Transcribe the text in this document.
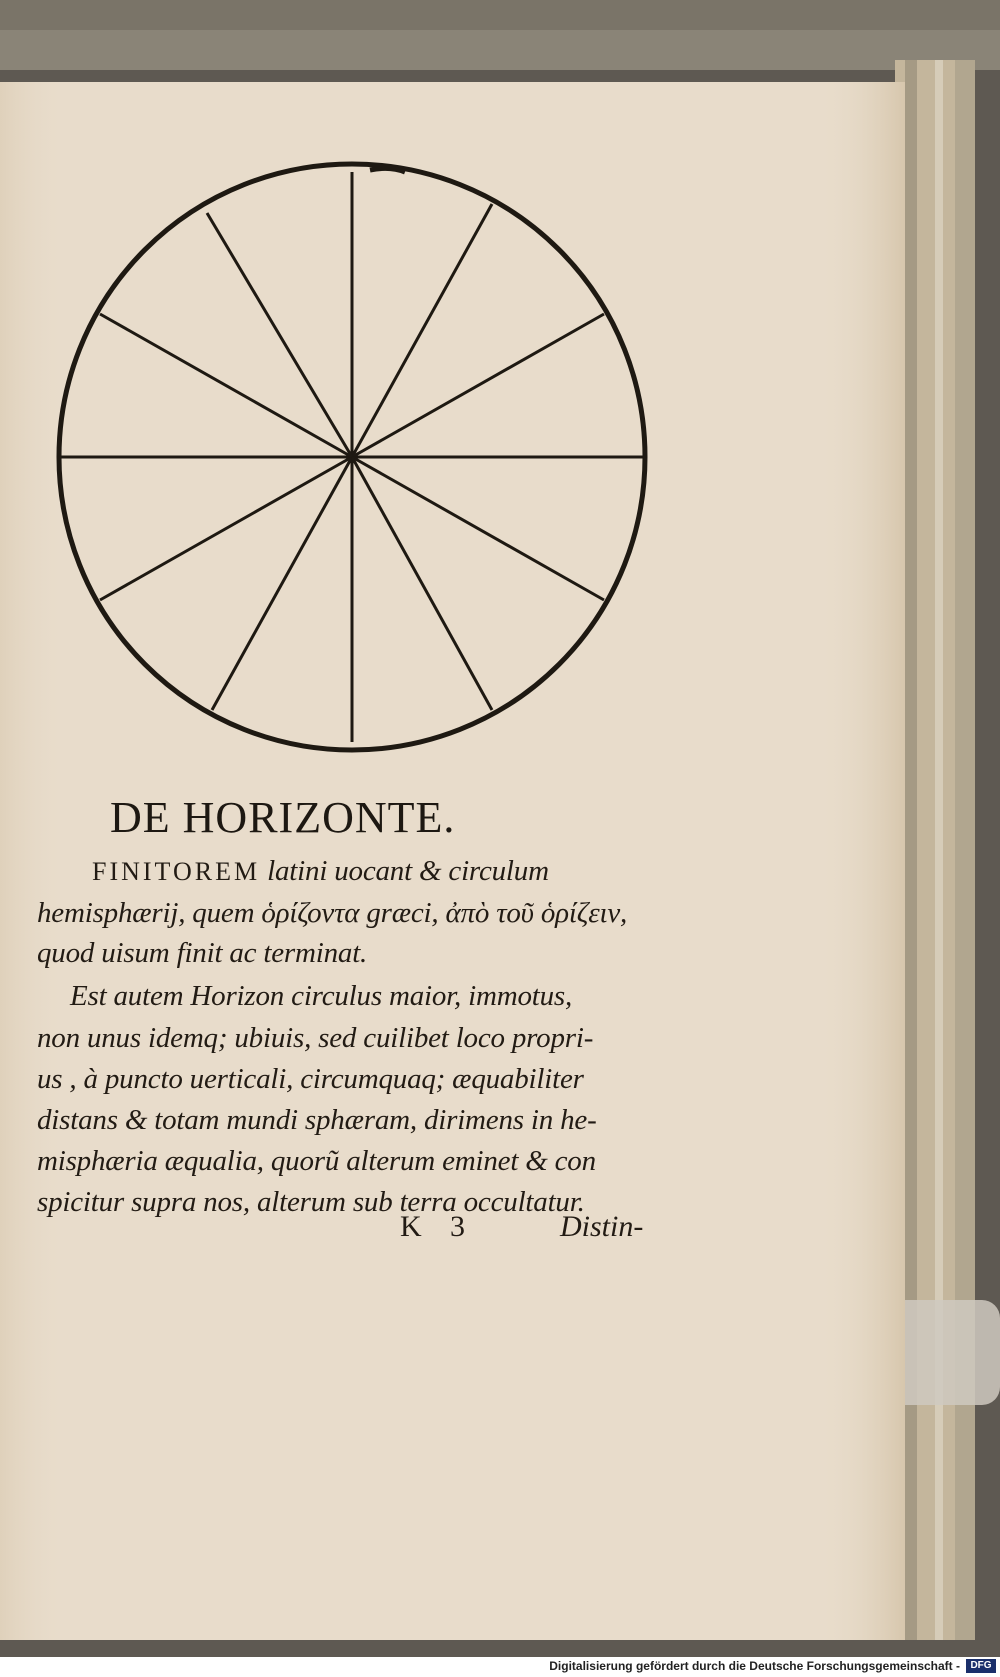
DE HORIZONTE.
FINITOREM latini uocant & circulum
hemisphærij, quem ὁρίζοντα græci, ἀπὸ τοῦ ὁρίζειν,
quod uisum finit ac terminat.
Est autem Horizon circulus maior, immotus,
non unus idemq; ubiuis, sed cuilibet loco propri-
us , à puncto uerticali, circumquaq; æquabiliter
distans & totam mundi sphæram, dirimens in he-
misphæria æqualia, quorũ alterum eminet & con
spicitur supra nos, alterum sub terra occultatur.
K 3	Distin-
Digitalisierung gefördert durch die Deutsche Forschungsgemeinschaft -	DFG
